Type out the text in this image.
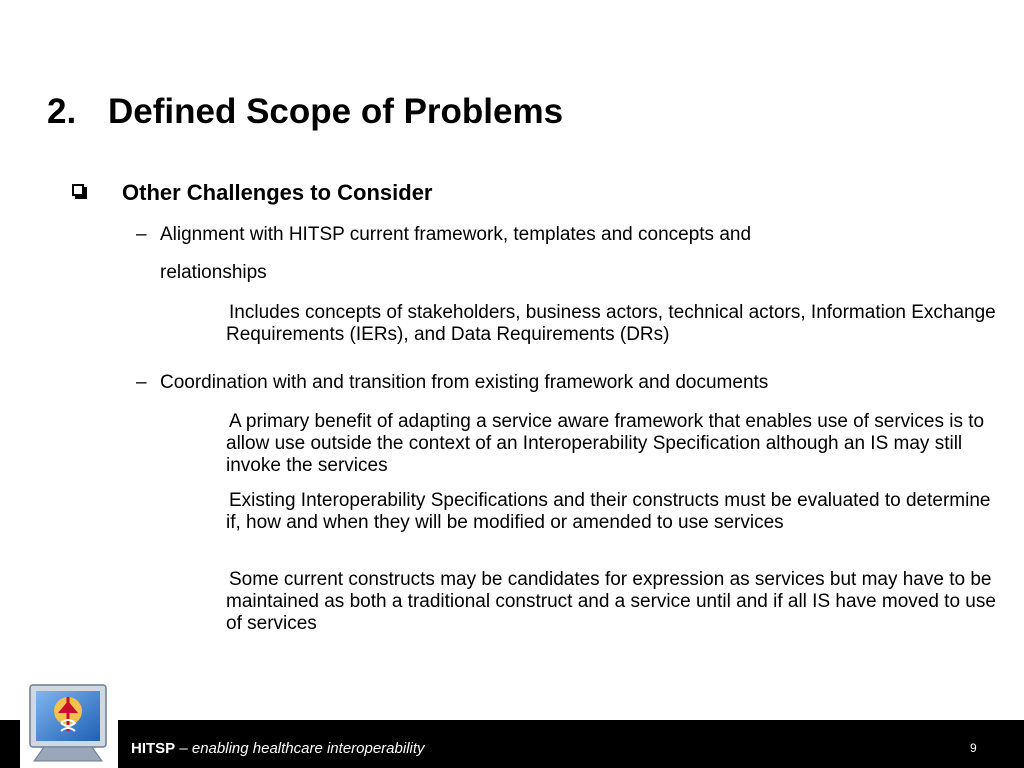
2. Defined Scope of Problems
Other Challenges to Consider
– Alignment with HITSP current framework, templates and concepts and
relationships
Includes concepts of stakeholders, business actors, technical actors, Information Exchange Requirements (IERs), and Data Requirements (DRs)
– Coordination with and transition from existing framework and documents
A primary benefit of adapting a service aware framework that enables use of services is to allow use outside the context of an Interoperability Specification although an IS may still invoke the services
Existing Interoperability Specifications and their constructs must be evaluated to determine if, how and when they will be modified or amended to use services
Some current constructs may be candidates for expression as services but may have to be maintained as both a traditional construct and a service until and if all IS have moved to use of services
HITSP – enabling healthcare interoperability	9
